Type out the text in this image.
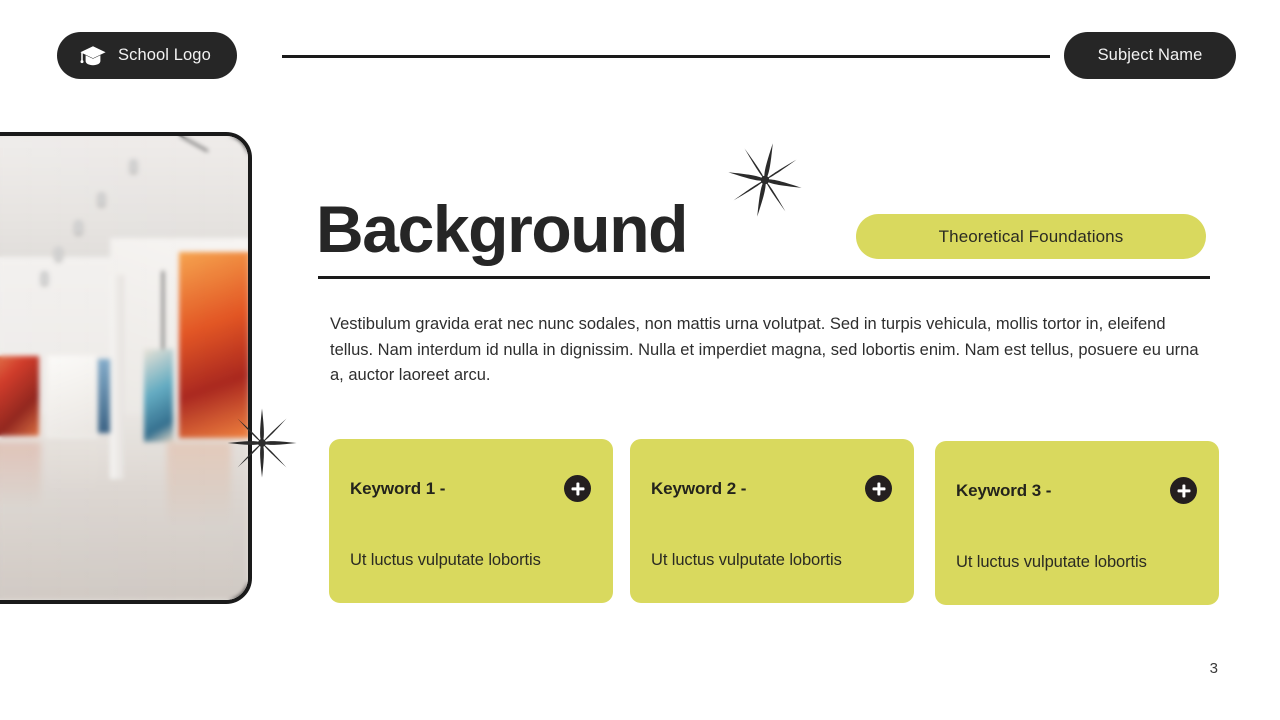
School Logo	Subject Name
Background	Theoretical Foundations

Vestibulum gravida erat nec nunc sodales, non mattis urna volutpat. Sed in turpis vehicula, mollis tortor in, eleifend tellus. Nam interdum id nulla in dignissim. Nulla et imperdiet magna, sed lobortis enim. Nam est tellus, posuere eu urna a, auctor laoreet arcu.

Keyword 1 -
Ut luctus vulputate lobortis
Keyword 2 -
Ut luctus vulputate lobortis
Keyword 3 -
Ut luctus vulputate lobortis
3
